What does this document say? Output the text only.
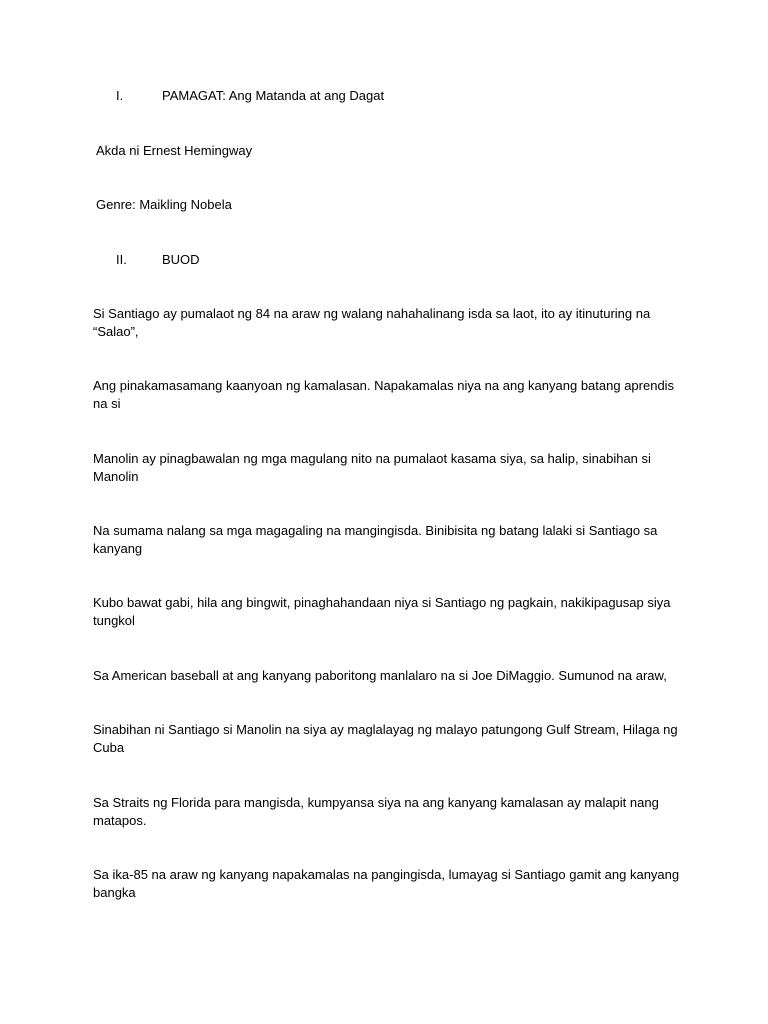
I.	PAMAGAT: Ang Matanda at ang Dagat
Akda ni Ernest Hemingway
Genre: Maikling Nobela
II.	BUOD
Si Santiago ay pumalaot ng 84 na araw ng walang nahahalinang isda sa laot, ito ay itinuturing na “Salao”,
Ang pinakamasamang kaanyoan ng kamalasan. Napakamalas niya na ang kanyang batang aprendis na si
Manolin ay pinagbawalan ng mga magulang nito na pumalaot kasama siya, sa halip, sinabihan si Manolin
Na sumama nalang sa mga magagaling na mangingisda. Binibisita ng batang lalaki si Santiago sa kanyang
Kubo bawat gabi, hila ang bingwit, pinaghahandaan niya si Santiago ng pagkain, nakikipagusap siya tungkol
Sa American baseball at ang kanyang paboritong manlalaro na si Joe DiMaggio. Sumunod na araw,
Sinabihan ni Santiago si Manolin na siya ay maglalayag ng malayo patungong Gulf Stream, Hilaga ng Cuba
Sa Straits ng Florida para mangisda, kumpyansa siya na ang kanyang kamalasan ay malapit nang matapos.
Sa ika-85 na araw ng kanyang napakamalas na pangingisda, lumayag si Santiago gamit ang kanyang bangka
